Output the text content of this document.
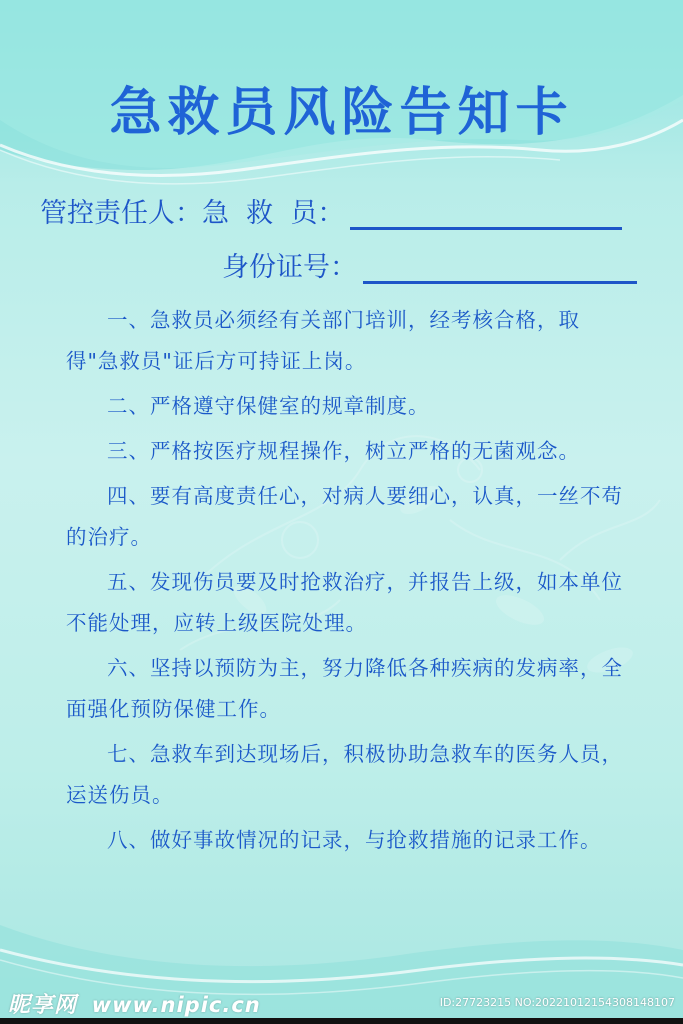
急救员风险告知卡
管控责任人：急  救  员：
身份证号：

一、急救员必须经有关部门培训，经考核合格，取得"急救员"证后方可持证上岗。

二、严格遵守保健室的规章制度。

三、严格按医疗规程操作，树立严格的无菌观念。

四、要有高度责任心，对病人要细心，认真，一丝不苟的治疗。

五、发现伤员要及时抢救治疗，并报告上级，如本单位不能处理，应转上级医院处理。

六、坚持以预防为主，努力降低各种疾病的发病率，全面强化预防保健工作。

七、急救车到达现场后，积极协助急救车的医务人员，运送伤员。

八、做好事故情况的记录，与抢救措施的记录工作。

昵享网 www.nipic.cn	ID:27723215 NO:20221012154308148107
